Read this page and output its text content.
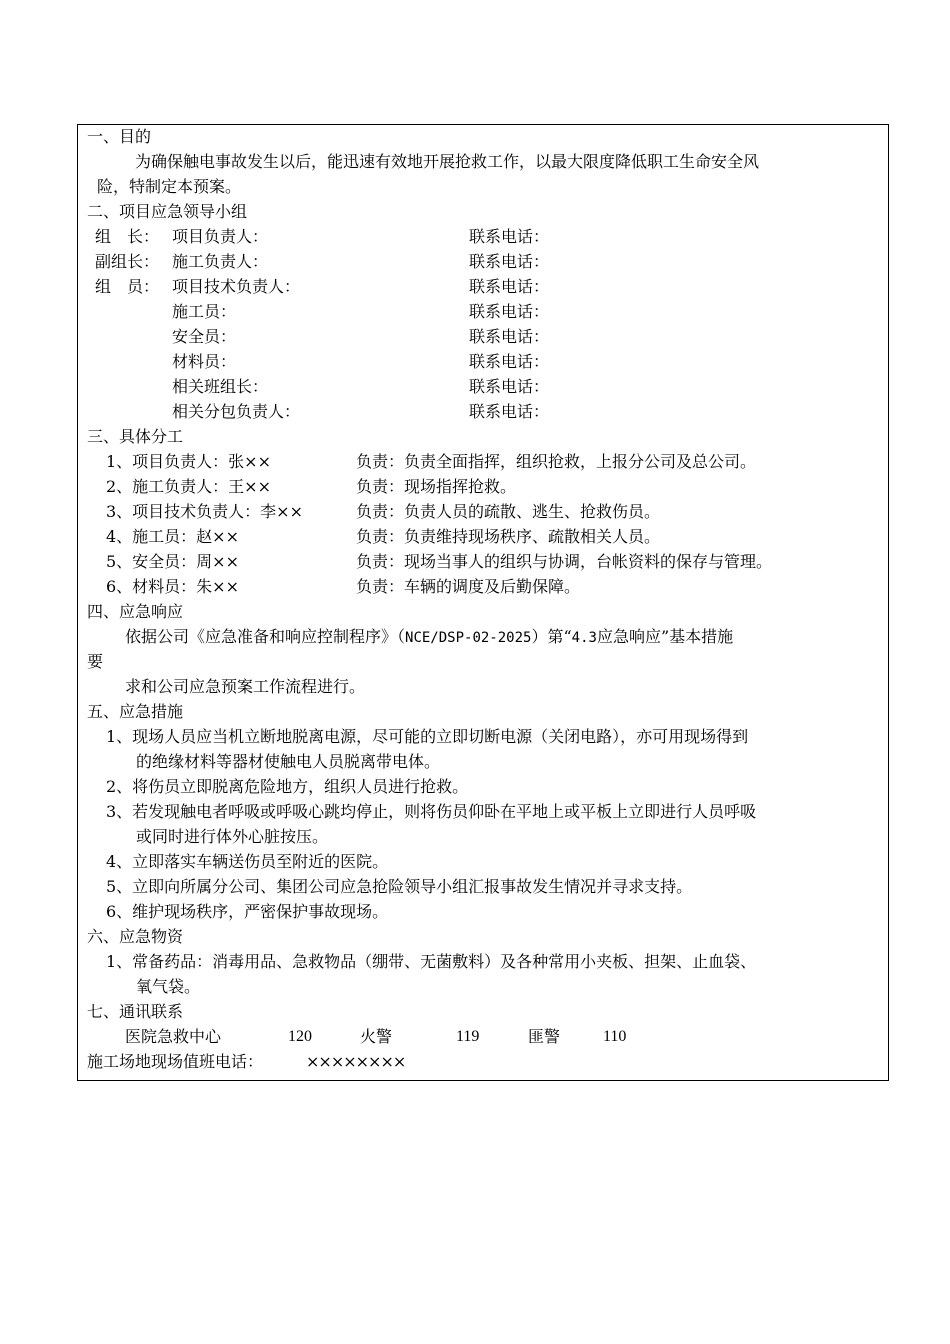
一、目的
为确保触电事故发生以后，能迅速有效地开展抢救工作，以最大限度降低职工生命安全风
险，特制定本预案。
二、项目应急领导小组
组　长： 项目负责人：	联系电话：
副组长： 施工负责人：	联系电话：
组　员： 项目技术负责人：	联系电话：
施工员：	联系电话：
安全员：	联系电话：
材料员：	联系电话：
相关班组长：	联系电话：
相关分包负责人：	联系电话：
三、具体分工
1、项目负责人：张××	负责：负责全面指挥，组织抢救，上报分公司及总公司。
2、施工负责人：王××	负责：现场指挥抢救。
3、项目技术负责人：李××	负责：负责人员的疏散、逃生、抢救伤员。
4、施工员：赵××	负责：负责维持现场秩序、疏散相关人员。
5、安全员：周××	负责：现场当事人的组织与协调，台帐资料的保存与管理。
6、材料员：朱××	负责：车辆的调度及后勤保障。
四、应急响应
依据公司《应急准备和响应控制程序》（NCE/DSP-02-2025）第“4.3应急响应”基本措施
要
求和公司应急预案工作流程进行。
五、应急措施
1、现场人员应当机立断地脱离电源，尽可能的立即切断电源（关闭电路），亦可用现场得到
的绝缘材料等器材使触电人员脱离带电体。
2、将伤员立即脱离危险地方，组织人员进行抢救。
3、若发现触电者呼吸或呼吸心跳均停止，则将伤员仰卧在平地上或平板上立即进行人员呼吸
或同时进行体外心脏按压。
4、立即落实车辆送伤员至附近的医院。
5、立即向所属分公司、集团公司应急抢险领导小组汇报事故发生情况并寻求支持。
6、维护现场秩序，严密保护事故现场。
六、应急物资
1、常备药品：消毒用品、急救物品（绷带、无菌敷料）及各种常用小夹板、担架、止血袋、
氧气袋。
七、通讯联系
医院急救中心	120	火警	119	匪警	110
施工场地现场值班电话：	××××××××
